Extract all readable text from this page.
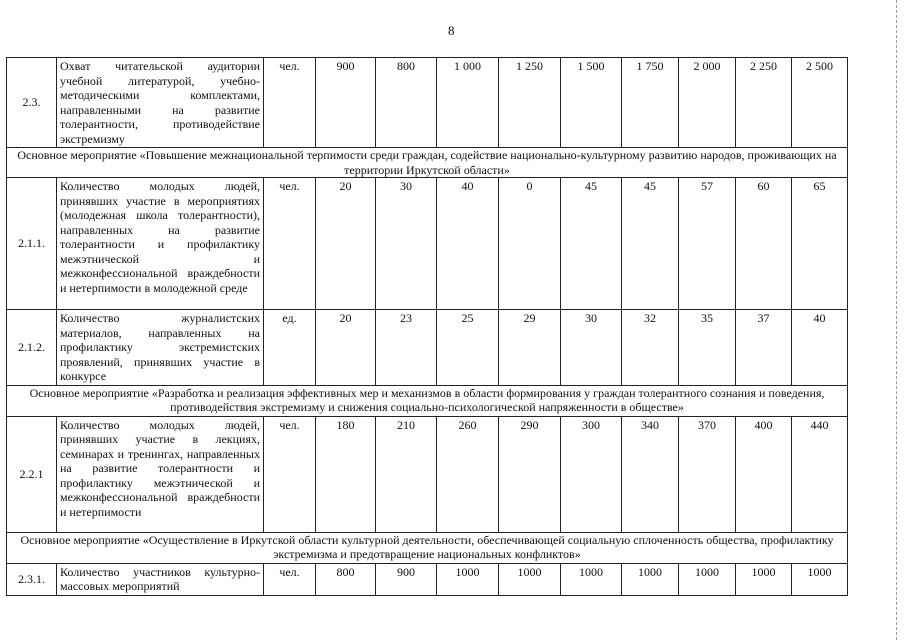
8
2.3.	Охват читательской аудитории учебной литературой, учебно-методическими комплектами, направленными на развитие толерантности, противодействие экстремизму	чел.	900	800	1 000	1 250	1 500	1 750	2 000	2 250	2 500
Основное мероприятие «Повышение межнациональной терпимости среди граждан, содействие национально-культурному развитию народов, проживающих на территории Иркутской области»											
2.1.1.	Количество молодых людей, принявших участие в мероприятиях (молодежная школа толерантности), направленных на развитие толерантности и профилактику межэтнической и межконфессиональной враждебности и нетерпимости в молодежной среде	чел.	20	30	40	0	45	45	57	60	65
2.1.2.	Количество журналистских материалов, направленных на профилактику экстремистских проявлений, принявших участие в конкурсе	ед.	20	23	25	29	30	32	35	37	40
Основное мероприятие «Разработка и реализация эффективных мер и механизмов в области формирования у граждан толерантного сознания и поведения, противодействия экстремизму и снижения социально-психологической напряженности в обществе»											
2.2.1	Количество молодых людей, принявших участие в лекциях, семинарах и тренингах, направленных на развитие толерантности и профилактику межэтнической и межконфессиональной враждебности и нетерпимости	чел.	180	210	260	290	300	340	370	400	440
Основное мероприятие «Осуществление в Иркутской области культурной деятельности, обеспечивающей социальную сплоченность общества, профилактику экстремизма и предотвращение национальных конфликтов»											
2.3.1.	Количество участников культурно-массовых мероприятий	чел.	800	900	1000	1000	1000	1000	1000	1000	1000
